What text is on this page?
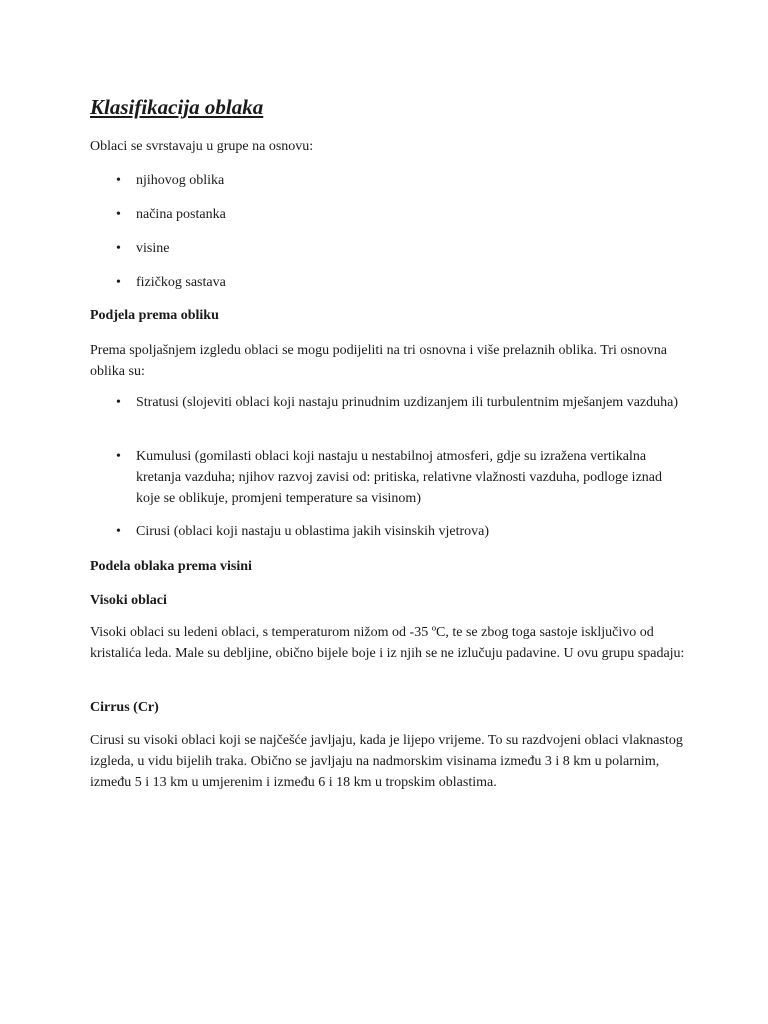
Klasifikacija oblaka

Oblaci se svrstavaju u grupe na osnovu:

•	njihovog oblika
•	načina postanka
•	visine
•	fizičkog sastava
Podjela prema obliku

Prema spoljašnjem izgledu oblaci se mogu podijeliti na tri osnovna i više prelaznih oblika. Tri osnovna oblika su:

•	Stratusi (slojeviti oblaci koji nastaju prinudnim uzdizanjem ili turbulentnim mješanjem vazduha)
•	Kumulusi (gomilasti oblaci koji nastaju u nestabilnoj atmosferi, gdje su izražena vertikalna kretanja vazduha; njihov razvoj zavisi od: pritiska, relativne vlažnosti vazduha, podloge iznad koje se oblikuje, promjeni temperature sa visinom)
•	Cirusi (oblaci koji nastaju u oblastima jakih visinskih vjetrova)
Podela oblaka prema visini
Visoki oblaci

Visoki oblaci su ledeni oblaci, s temperaturom nižom od -35 ºC, te se zbog toga sastoje isključivo od kristalića leda. Male su debljine, obično bijele boje i iz njih se ne izlučuju padavine. U ovu grupu spadaju:

Cirrus (Cr)

Cirusi su visoki oblaci koji se najčešće javljaju, kada je lijepo vrijeme. To su razdvojeni oblaci vlaknastog izgleda, u vidu bijelih traka. Obično se javljaju na nadmorskim visinama između 3 i 8 km u polarnim, između 5 i 13 km u umjerenim i između 6 i 18 km u tropskim oblastima.
